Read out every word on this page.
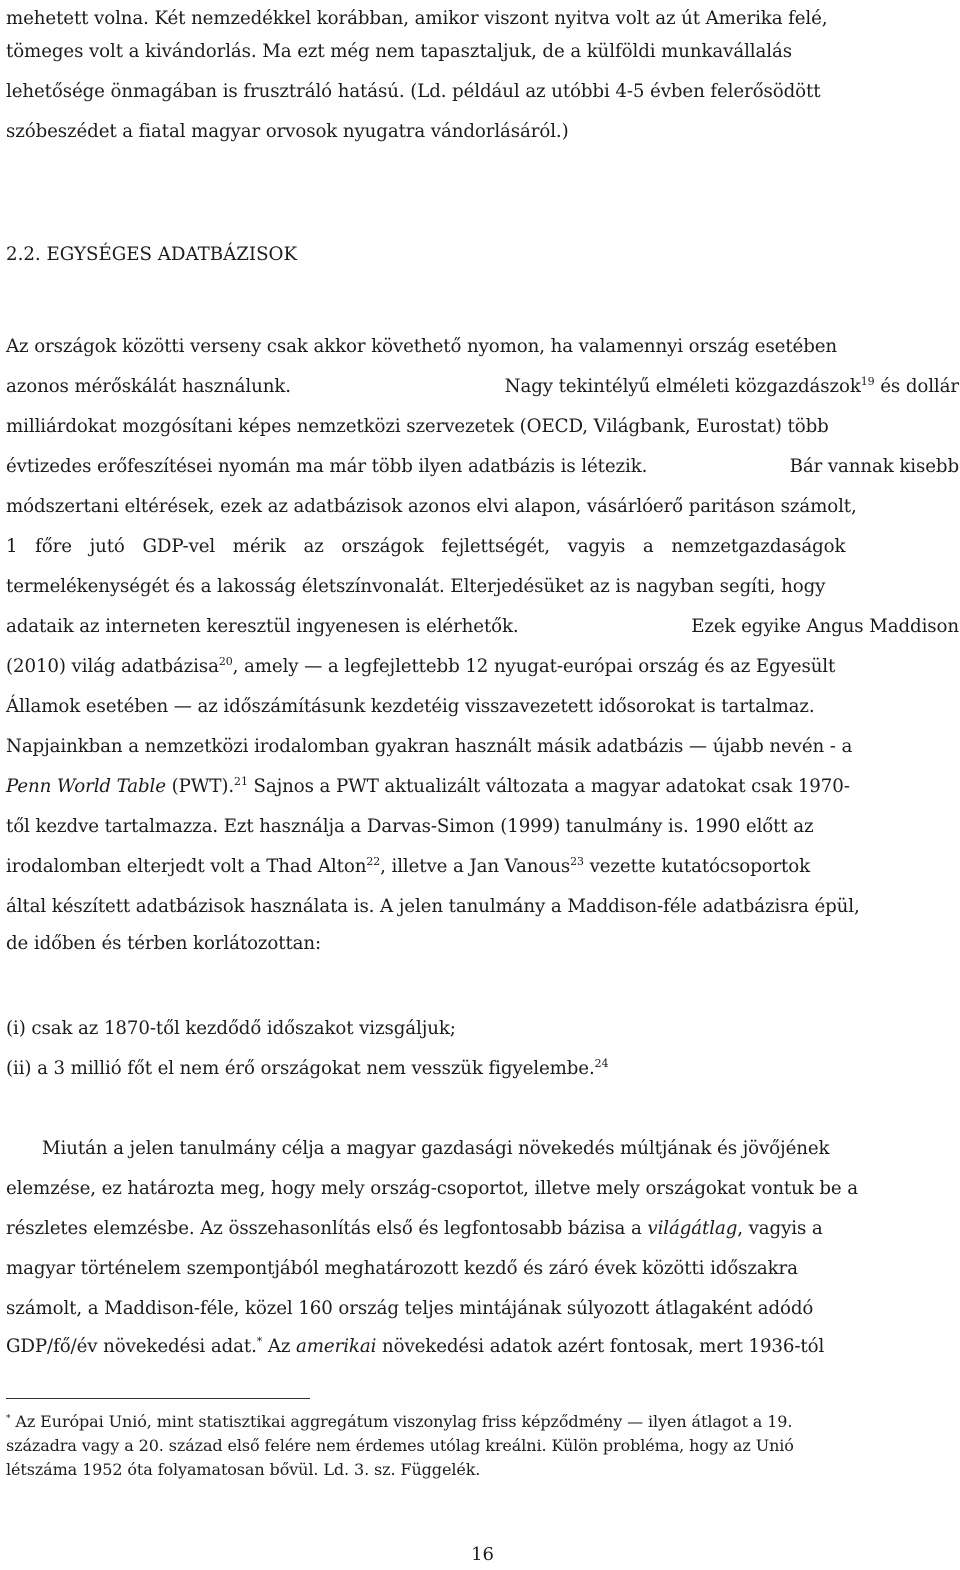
mehetett volna. Két nemzedékkel korábban, amikor viszont nyitva volt az út Amerika felé,
tömeges volt a kivándorlás. Ma ezt még nem tapasztaljuk, de a külföldi munkavállalás
lehetősége önmagában is frusztráló hatású. (Ld. például az utóbbi 4-5 évben felerősödött
szóbeszédet a fiatal magyar orvosok nyugatra vándorlásáról.)
2.2. EGYSÉGES ADATBÁZISOK
Az országok közötti verseny csak akkor követhető nyomon, ha valamennyi ország esetében
azonos mérőskálát használunk.	Nagy tekintélyű elméleti közgazdászok$^{19}$ és dollár
milliárdokat mozgósítani képes nemzetközi szervezetek (OECD, Világbank, Eurostat) több
évtizedes erőfeszítései nyomán ma már több ilyen adatbázis is létezik.	Bár vannak kisebb
módszertani eltérések, ezek az adatbázisok azonos elvi alapon, vásárlóerő paritáson számolt,
1 főre jutó GDP-vel mérik az országok fejlettségét, vagyis a nemzetgazdaságok
termelékenységét és a lakosság életszínvonalát. Elterjedésüket az is nagyban segíti, hogy
adataik az interneten keresztül ingyenesen is elérhetők.	Ezek egyike Angus Maddison
(2010) világ adatbázisa$^{20}$, amely — a legfejlettebb 12 nyugat-európai ország és az Egyesült
Államok esetében — az időszámításunk kezdetéig visszavezetett idősorokat is tartalmaz.
Napjainkban a nemzetközi irodalomban gyakran használt másik adatbázis — újabb nevén - a
Penn World Table (PWT).$^{21}$ Sajnos a PWT aktualizált változata a magyar adatokat csak 1970-
től kezdve tartalmazza. Ezt használja a Darvas-Simon (1999) tanulmány is. 1990 előtt az
irodalomban elterjedt volt a Thad Alton$^{22}$, illetve a Jan Vanous$^{23}$ vezette kutatócsoportok
által készített adatbázisok használata is. A jelen tanulmány a Maddison-féle adatbázisra épül,
de időben és térben korlátozottan:
(i) csak az 1870-től kezdődő időszakot vizsgáljuk;
(ii) a 3 millió főt el nem érő országokat nem vesszük figyelembe.$^{24}$
Miután a jelen tanulmány célja a magyar gazdasági növekedés múltjának és jövőjének
elemzése, ez határozta meg, hogy mely ország-csoportot, illetve mely országokat vontuk be a
részletes elemzésbe. Az összehasonlítás első és legfontosabb bázisa a világátlag, vagyis a
magyar történelem szempontjából meghatározott kezdő és záró évek közötti időszakra
számolt, a Maddison-féle, közel 160 ország teljes mintájának súlyozott átlagaként adódó
GDP/fő/év növekedési adat.* Az amerikai növekedési adatok azért fontosak, mert 1936-tól
* Az Európai Unió, mint statisztikai aggregátum viszonylag friss képződmény — ilyen átlagot a 19.
századra vagy a 20. század első felére nem érdemes utólag kreálni. Külön probléma, hogy az Unió
létszáma 1952 óta folyamatosan bővül. Ld. 3. sz. Függelék.
16
